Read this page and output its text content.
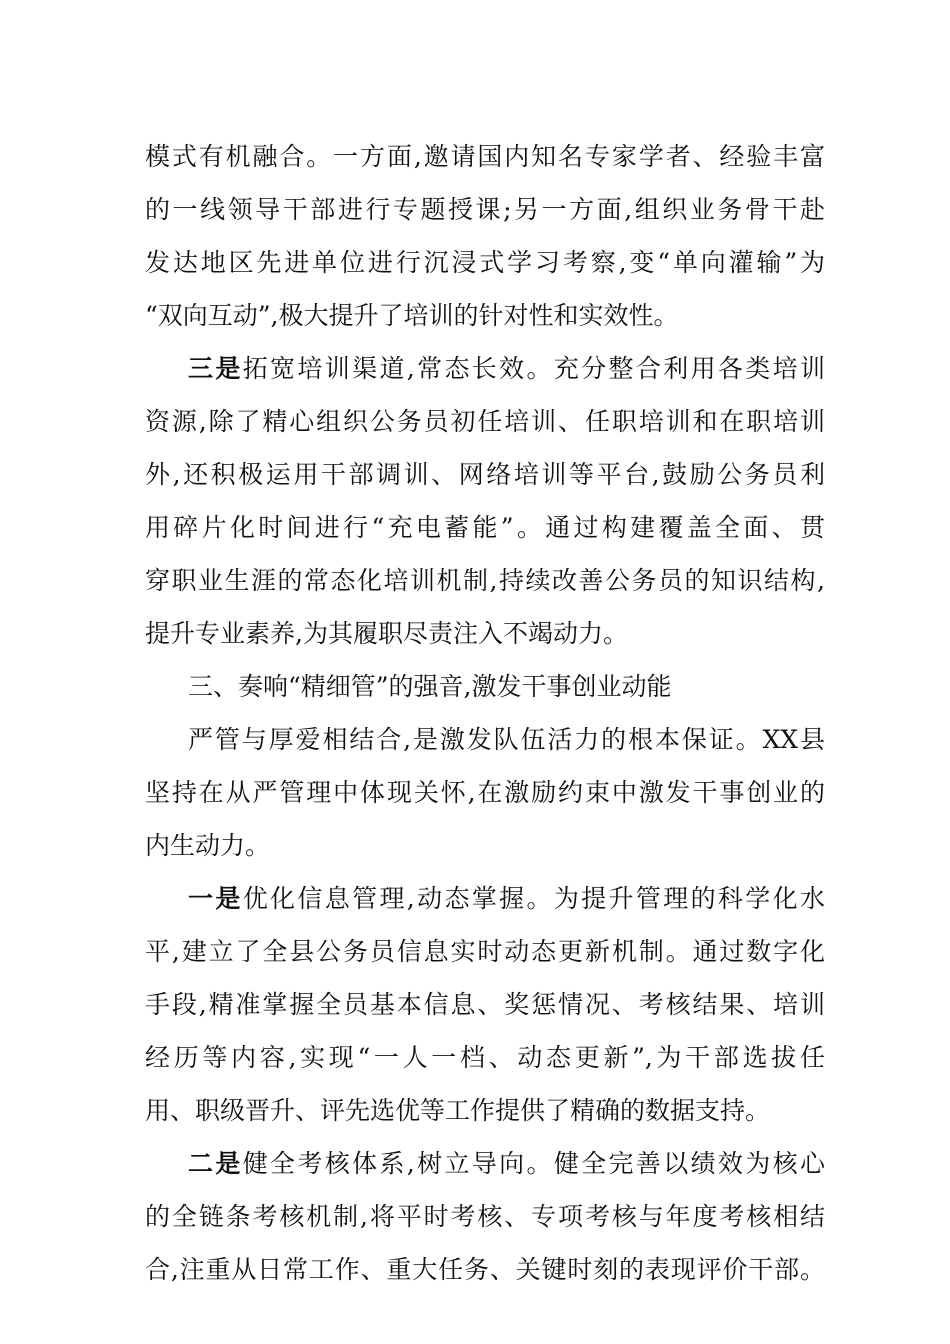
模式有机融合。一方面,邀请国内知名专家学者、经验丰富
的一线领导干部进行专题授课;另一方面,组织业务骨干赴
发达地区先进单位进行沉浸式学习考察,变“单向灌输”为
“双向互动”,极大提升了培训的针对性和实效性。
三是拓宽培训渠道,常态长效。充分整合利用各类培训
资源,除了精心组织公务员初任培训、任职培训和在职培训
外,还积极运用干部调训、网络培训等平台,鼓励公务员利
用碎片化时间进行“充电蓄能”。通过构建覆盖全面、贯
穿职业生涯的常态化培训机制,持续改善公务员的知识结构,
提升专业素养,为其履职尽责注入不竭动力。
三、奏响“精细管”的强音,激发干事创业动能
严管与厚爱相结合,是激发队伍活力的根本保证。XX县
坚持在从严管理中体现关怀,在激励约束中激发干事创业的
内生动力。
一是优化信息管理,动态掌握。为提升管理的科学化水
平,建立了全县公务员信息实时动态更新机制。通过数字化
手段,精准掌握全员基本信息、奖惩情况、考核结果、培训
经历等内容,实现“一人一档、动态更新”,为干部选拔任
用、职级晋升、评先选优等工作提供了精确的数据支持。
二是健全考核体系,树立导向。健全完善以绩效为核心
的全链条考核机制,将平时考核、专项考核与年度考核相结
合,注重从日常工作、重大任务、关键时刻的表现评价干部。
